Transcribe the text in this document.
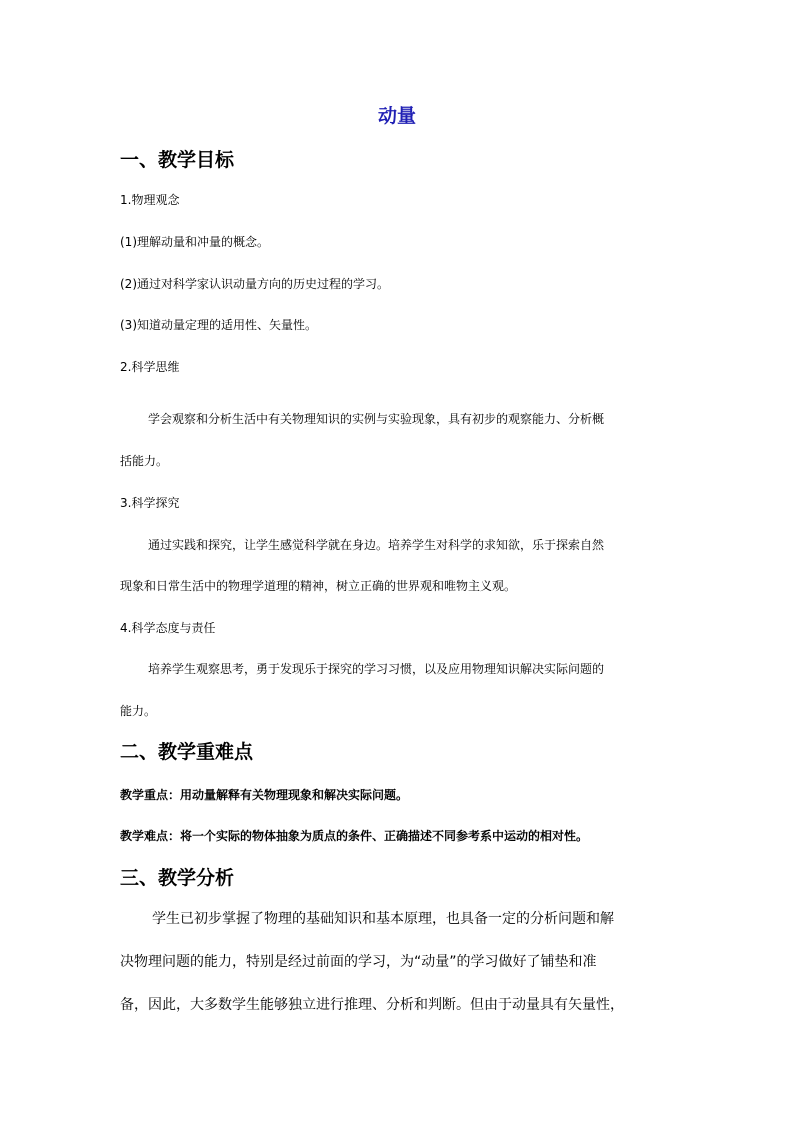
动量
一、教学目标
1.物理观念
(1)理解动量和冲量的概念。
(2)通过对科学家认识动量方向的历史过程的学习。
(3)知道动量定理的适用性、矢量性。
2.科学思维
学会观察和分析生活中有关物理知识的实例与实验现象，具有初步的观察能力、分析概
括能力。
3.科学探究
通过实践和探究，让学生感觉科学就在身边。培养学生对科学的求知欲，乐于探索自然
现象和日常生活中的物理学道理的精神，树立正确的世界观和唯物主义观。
4.科学态度与责任
培养学生观察思考，勇于发现乐于探究的学习习惯，以及应用物理知识解决实际问题的
能力。
二、教学重难点
教学重点：用动量解释有关物理现象和解决实际问题。
教学难点：将一个实际的物体抽象为质点的条件、正确描述不同参考系中运动的相对性。
三、教学分析
学生已初步掌握了物理的基础知识和基本原理，也具备一定的分析问题和解
决物理问题的能力，特别是经过前面的学习，为“动量”的学习做好了铺垫和准
备，因此，大多数学生能够独立进行推理、分析和判断。但由于动量具有矢量性，
